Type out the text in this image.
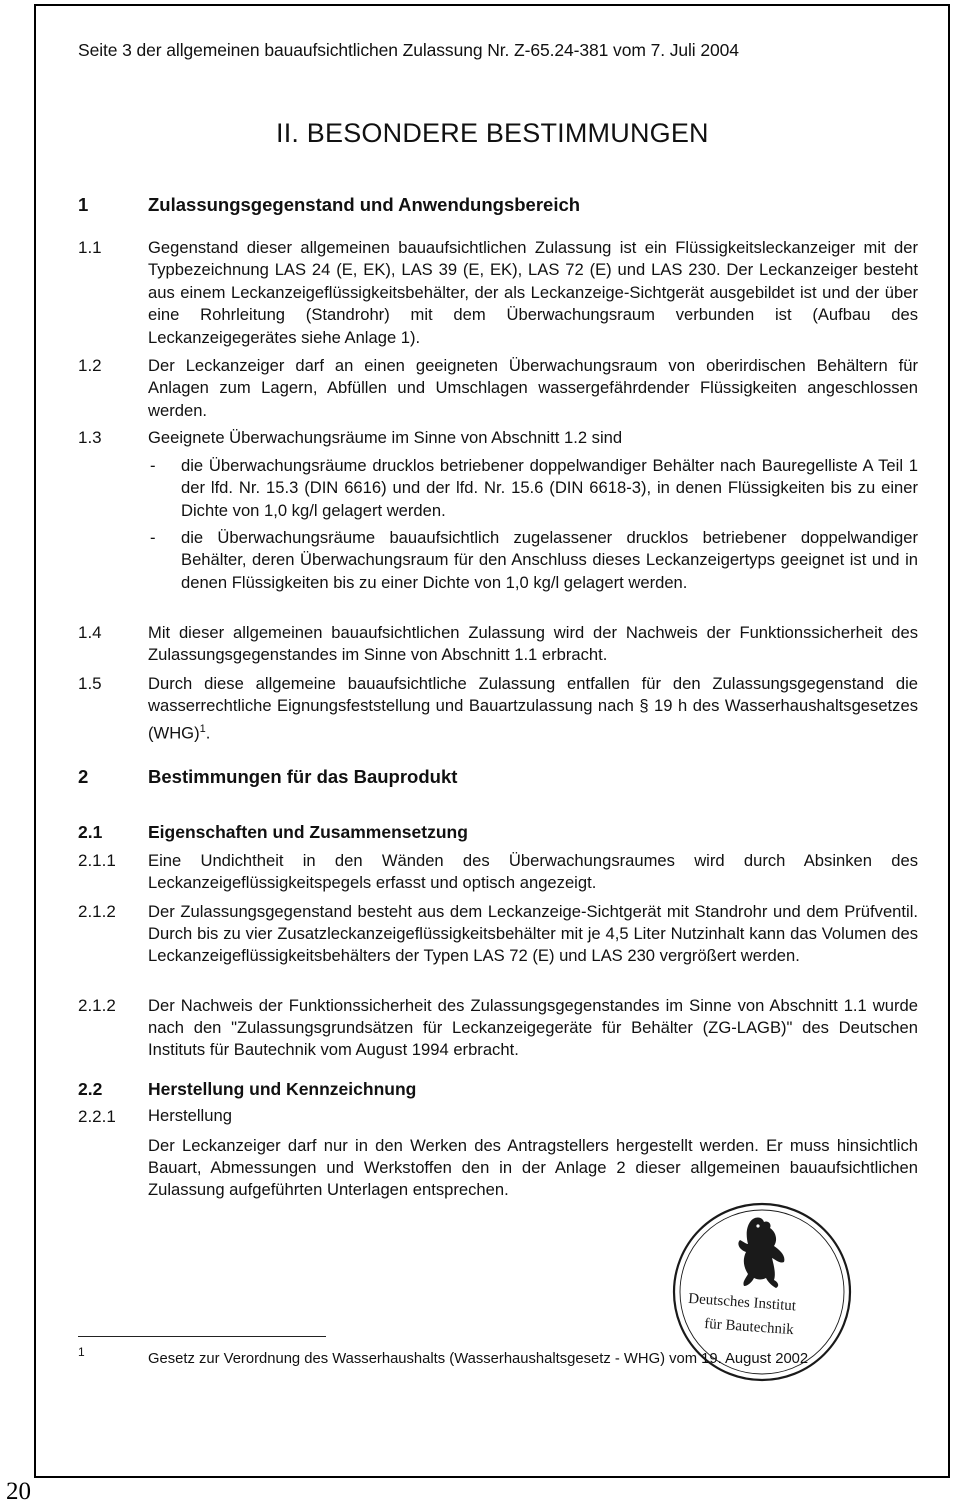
Seite 3 der allgemeinen bauaufsichtlichen Zulassung Nr. Z-65.24-381 vom 7. Juli 2004
II. BESONDERE BESTIMMUNGEN
1	Zulassungsgegenstand und Anwendungsbereich
1.1	Gegenstand dieser allgemeinen bauaufsichtlichen Zulassung ist ein Flüssigkeitsleckanzeiger mit der Typbezeichnung LAS 24 (E, EK), LAS 39 (E, EK), LAS 72 (E) und LAS 230. Der Leckanzeiger besteht aus einem Leckanzeigeflüssigkeitsbehälter, der als Leckanzeige-Sichtgerät ausgebildet ist und der über eine Rohrleitung (Standrohr) mit dem Überwachungsraum verbunden ist (Aufbau des Leckanzeigegerätes siehe Anlage 1).
1.2	Der Leckanzeiger darf an einen geeigneten Überwachungsraum von oberirdischen Behältern für Anlagen zum Lagern, Abfüllen und Umschlagen wassergefährdender Flüssigkeiten angeschlossen werden.
1.3	Geeignete Überwachungsräume im Sinne von Abschnitt 1.2 sind
- die Überwachungsräume drucklos betriebener doppelwandiger Behälter nach Bauregelliste A Teil 1 der lfd. Nr. 15.3 (DIN 6616) und der lfd. Nr. 15.6 (DIN 6618-3), in denen Flüssigkeiten bis zu einer Dichte von 1,0 kg/l gelagert werden.
- die Überwachungsräume bauaufsichtlich zugelassener drucklos betriebener doppelwandiger Behälter, deren Überwachungsraum für den Anschluss dieses Leckanzeigertyps geeignet ist und in denen Flüssigkeiten bis zu einer Dichte von 1,0 kg/l gelagert werden.
1.4	Mit dieser allgemeinen bauaufsichtlichen Zulassung wird der Nachweis der Funktionssicherheit des Zulassungsgegenstandes im Sinne von Abschnitt 1.1 erbracht.
1.5	Durch diese allgemeine bauaufsichtliche Zulassung entfallen für den Zulassungsgegenstand die wasserrechtliche Eignungsfeststellung und Bauartzulassung nach § 19 h des Wasserhaushaltsgesetzes (WHG)$^1$.
2	Bestimmungen für das Bauprodukt
2.1	Eigenschaften und Zusammensetzung
2.1.1 Eine Undichtheit in den Wänden des Überwachungsraumes wird durch Absinken des Leckanzeigeflüssigkeitspegels erfasst und optisch angezeigt.
2.1.2 Der Zulassungsgegenstand besteht aus dem Leckanzeige-Sichtgerät mit Standrohr und dem Prüfventil. Durch bis zu vier Zusatzleckanzeigeflüssigkeitsbehälter mit je 4,5 Liter Nutzinhalt kann das Volumen des Leckanzeigeflüssigkeitsbehälters der Typen LAS 72 (E) und LAS 230 vergrößert werden.
2.1.2 Der Nachweis der Funktionssicherheit des Zulassungsgegenstandes im Sinne von Abschnitt 1.1 wurde nach den "Zulassungsgrundsätzen für Leckanzeigegeräte für Behälter (ZG-LAGB)" des Deutschen Instituts für Bautechnik vom August 1994 erbracht.
2.2	Herstellung und Kennzeichnung
2.2.1 Herstellung
Der Leckanzeiger darf nur in den Werken des Antragstellers hergestellt werden. Er muss hinsichtlich Bauart, Abmessungen und Werkstoffen den in der Anlage 2 dieser allgemeinen bauaufsichtlichen Zulassung aufgeführten Unterlagen entsprechen.
Deutsches Institut
für Bautechnik
1	Gesetz zur Verordnung des Wasserhaushalts (Wasserhaushaltsgesetz - WHG) vom 19. August 2002
20
